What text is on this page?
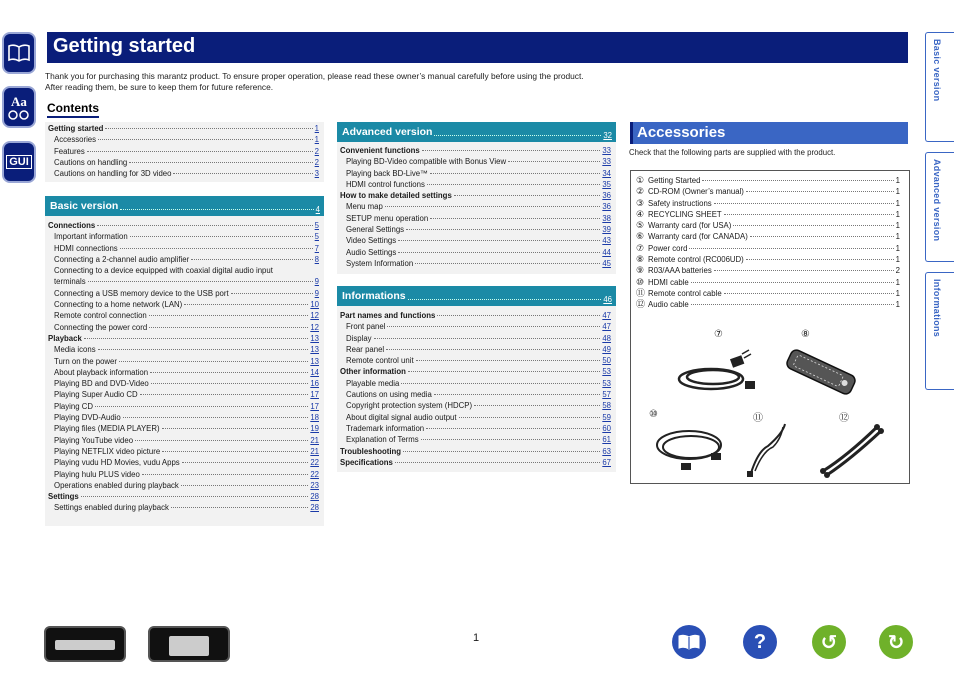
Aa
GUI
Getting started
Thank you for purchasing this marantz product. To ensure proper operation, please read these owner’s manual carefully before using the product.
After reading them, be sure to keep them for future reference.
Contents
Getting started	1
Accessories	1
Features	2
Cautions on handling	2
Cautions on handling for 3D video	3
Basic version	4
Connections	5
Important information	5
HDMI connections	7
Connecting a 2-channel audio amplifier	8
Connecting to a device equipped with coaxial digital audio input
terminals	9
Connecting a USB memory device to the USB port	9
Connecting to a home network (LAN)	10
Remote control connection	12
Connecting the power cord	12
Playback	13
Media icons	13
Turn on the power	13
About playback information	14
Playing BD and DVD-Video	16
Playing Super Audio CD	17
Playing CD	17
Playing DVD-Audio	18
Playing files (MEDIA PLAYER)	19
Playing YouTube video	21
Playing NETFLIX video picture	21
Playing vudu HD Movies, vudu Apps	22
Playing hulu PLUS video	22
Operations enabled during playback	23
Settings	28
Settings enabled during playback	28
Advanced version	32
Convenient functions	33
Playing BD-Video compatible with Bonus View	33
Playing back BD-Live™	34
HDMI control functions	35
How to make detailed settings	36
Menu map	36
SETUP menu operation	38
General Settings	39
Video Settings	43
Audio Settings	44
System Information	45
Informations	46
Part names and functions	47
Front panel	47
Display	48
Rear panel	49
Remote control unit	50
Other information	53
Playable media	53
Cautions on using media	57
Copyright protection system (HDCP)	58
About digital signal audio output	59
Trademark information	60
Explanation of Terms	61
Troubleshooting	63
Specifications	67
Accessories
Check that the following parts are supplied with the product.
① Getting Started	1
② CD-ROM (Owner’s manual)	1
③ Safety instructions	1
④ RECYCLING SHEET	1
⑤ Warranty card (for USA)	1
⑥ Warranty card (for CANADA)	1
⑦ Power cord	1
⑧ Remote control (RC006UD)	1
⑨ R03/AAA batteries	2
⑩ HDMI cable	1
⑪ Remote control cable	1
⑫ Audio cable	1
⑦	⑧
⑩	⑪	⑫
Basic version
Advanced version
Informations
1	?	↺	↻
